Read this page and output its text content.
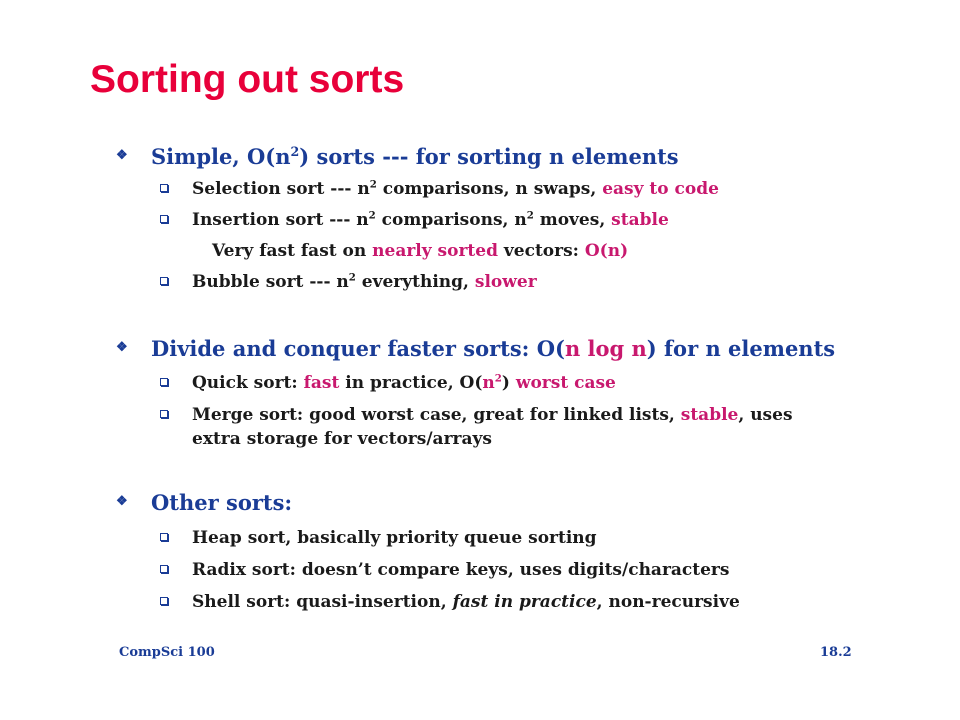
Sorting out sorts
❖ Simple, $O(n^2)$ sorts --- for sorting n elements
Selection sort --- $n^2$ comparisons, n swaps, easy to code
Insertion sort --- $n^2$ comparisons, $n^2$ moves, stable
Very fast fast on nearly sorted vectors: O(n)
Bubble sort --- $n^2$ everything, slower
❖ Divide and conquer faster sorts: O(n log n) for n elements
Quick sort: fast in practice, $O(n^2)$ worst case
Merge sort: good worst case, great for linked lists, stable, uses
extra storage for vectors/arrays
❖ Other sorts:
Heap sort, basically priority queue sorting
Radix sort: doesn’t compare keys, uses digits/characters
Shell sort: quasi-insertion, fast in practice, non-recursive
CompSci 100	18.2
